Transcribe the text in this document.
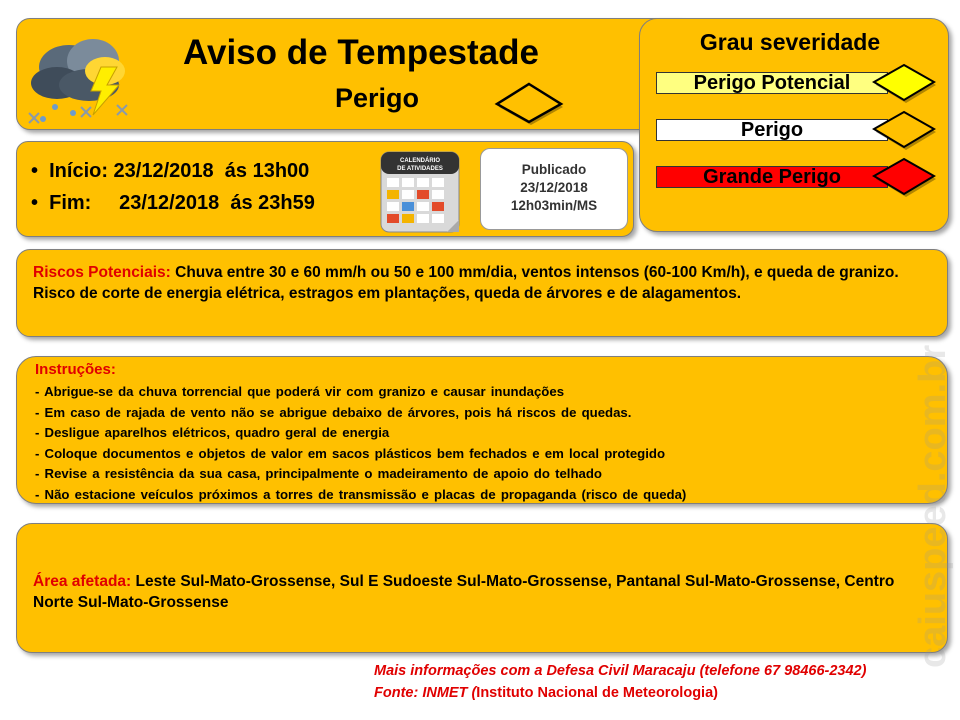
Aviso de Tempestade
Perigo
Grau severidade
Perigo Potencial
Perigo
Grande Perigo
•  Início: 23/12/2018  ás 13h00
•  Fim:     23/12/2018  ás 23h59
CALENDÁRIO
DE ATIVIDADES	Publicado
23/12/2018
12h03min/MS
Riscos Potenciais: Chuva entre 30 e 60 mm/h ou 50 e 100 mm/dia, ventos intensos (60-100 Km/h), e queda de granizo. Risco de corte de energia elétrica, estragos em plantações, queda de árvores e de alagamentos.
Instruções:
- Abrigue-se da chuva torrencial que poderá vir com granizo e causar inundações
- Em caso de rajada de vento não se abrigue debaixo de árvores, pois há riscos de quedas.
- Desligue aparelhos elétricos, quadro geral de energia
- Coloque documentos e objetos de valor em sacos plásticos bem fechados e em local protegido
- Revise a resistência da sua casa, principalmente o madeiramento de apoio do telhado
- Não estacione veículos próximos a torres de transmissão e placas de propaganda (risco de queda)
Área afetada: Leste Sul-Mato-Grossense, Sul E Sudoeste Sul-Mato-Grossense, Pantanal Sul-Mato-Grossense, Centro Norte Sul-Mato-Grossense
Mais informações com a Defesa Civil Maracaju (telefone 67 98466-2342)
Fonte: INMET (Instituto Nacional de Meteorologia)
caiuspeed.com.br
